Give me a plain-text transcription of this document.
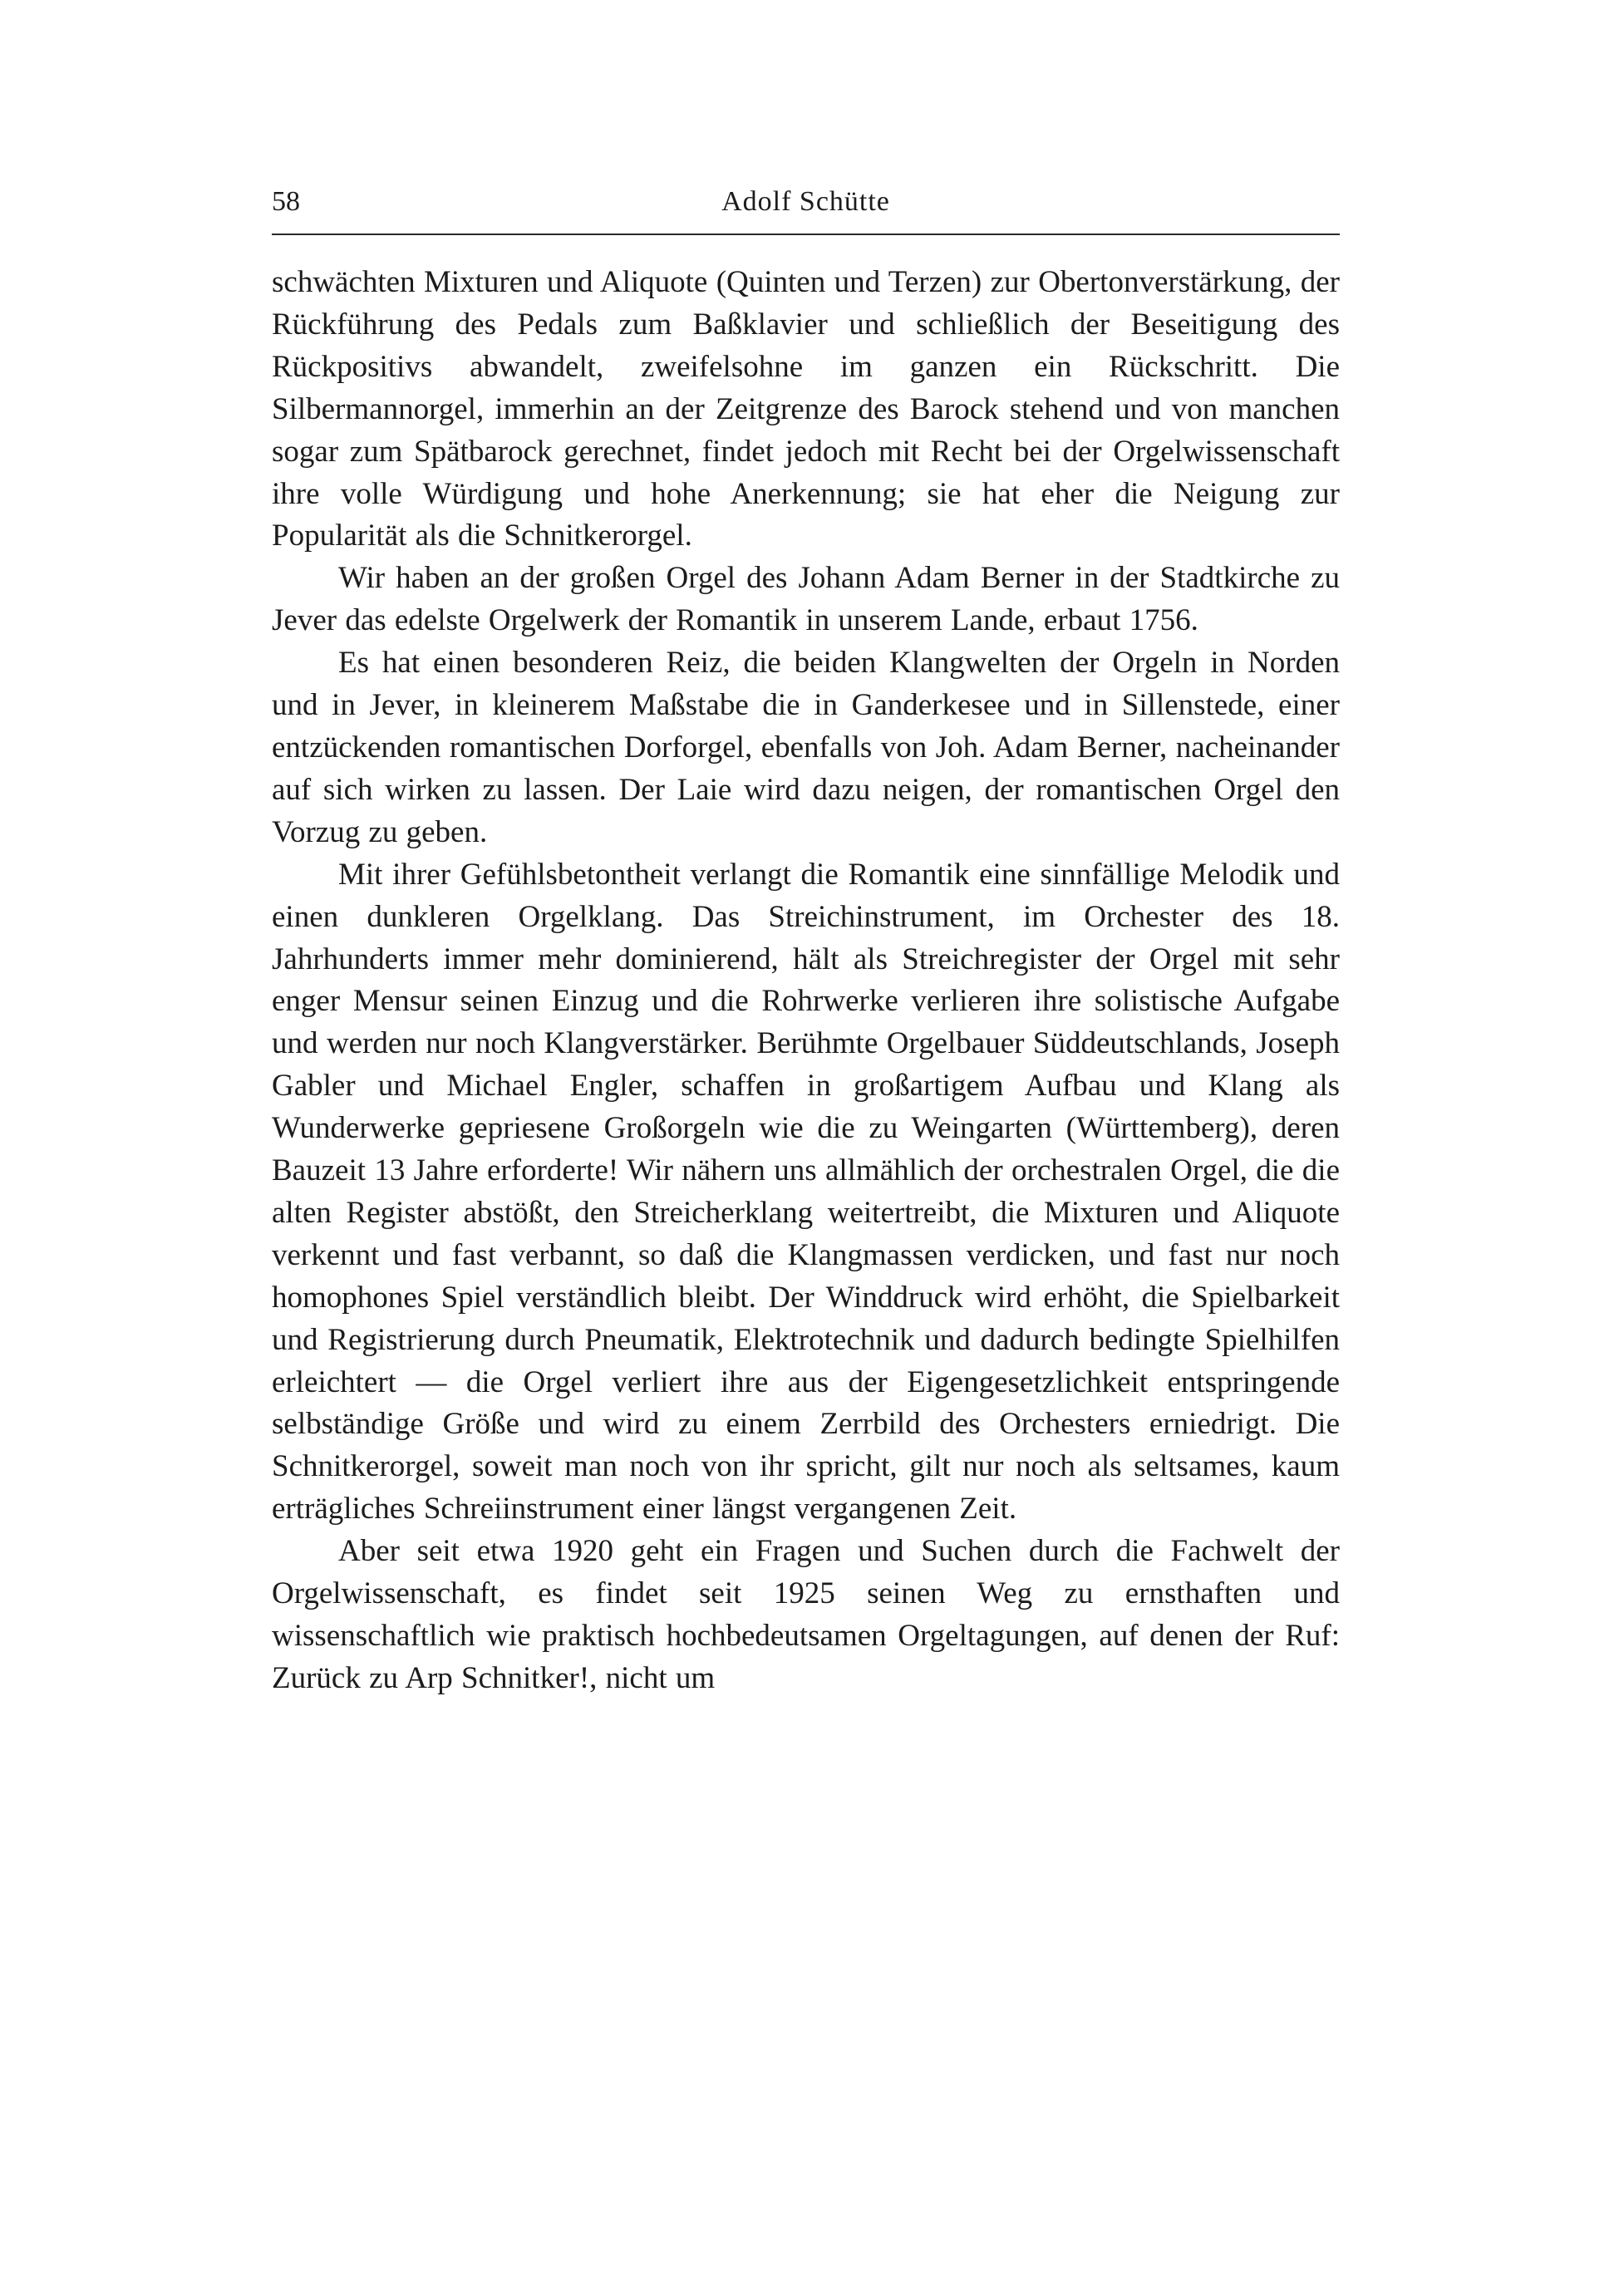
58	Adolf Schütte

schwächten Mixturen und Aliquote (Quinten und Terzen) zur Obertonverstärkung, der Rückführung des Pedals zum Baßklavier und schließlich der Beseitigung des Rückpositivs abwandelt, zweifelsohne im ganzen ein Rückschritt. Die Silbermannorgel, immerhin an der Zeitgrenze des Barock stehend und von manchen sogar zum Spätbarock gerechnet, findet jedoch mit Recht bei der Orgelwissenschaft ihre volle Würdigung und hohe Anerkennung; sie hat eher die Neigung zur Popularität als die Schnitkerorgel.

Wir haben an der großen Orgel des Johann Adam Berner in der Stadtkirche zu Jever das edelste Orgelwerk der Romantik in unserem Lande, erbaut 1756.

Es hat einen besonderen Reiz, die beiden Klangwelten der Orgeln in Norden und in Jever, in kleinerem Maßstabe die in Ganderkesee und in Sillenstede, einer entzückenden romantischen Dorforgel, ebenfalls von Joh. Adam Berner, nacheinander auf sich wirken zu lassen. Der Laie wird dazu neigen, der romantischen Orgel den Vorzug zu geben.

Mit ihrer Gefühlsbetontheit verlangt die Romantik eine sinnfällige Melodik und einen dunkleren Orgelklang. Das Streichinstrument, im Orchester des 18. Jahrhunderts immer mehr dominierend, hält als Streichregister der Orgel mit sehr enger Mensur seinen Einzug und die Rohrwerke verlieren ihre solistische Aufgabe und werden nur noch Klangverstärker. Berühmte Orgelbauer Süddeutschlands, Joseph Gabler und Michael Engler, schaffen in großartigem Aufbau und Klang als Wunderwerke gepriesene Großorgeln wie die zu Weingarten (Württemberg), deren Bauzeit 13 Jahre erforderte! Wir nähern uns allmählich der orchestralen Orgel, die die alten Register abstößt, den Streicherklang weitertreibt, die Mixturen und Aliquote verkennt und fast verbannt, so daß die Klangmassen verdicken, und fast nur noch homophones Spiel verständlich bleibt. Der Winddruck wird erhöht, die Spielbarkeit und Registrierung durch Pneumatik, Elektrotechnik und dadurch bedingte Spielhilfen erleichtert — die Orgel verliert ihre aus der Eigengesetzlichkeit entspringende selbständige Größe und wird zu einem Zerrbild des Orchesters erniedrigt. Die Schnitkerorgel, soweit man noch von ihr spricht, gilt nur noch als seltsames, kaum erträgliches Schreiinstrument einer längst vergangenen Zeit.

Aber seit etwa 1920 geht ein Fragen und Suchen durch die Fachwelt der Orgelwissenschaft, es findet seit 1925 seinen Weg zu ernsthaften und wissenschaftlich wie praktisch hochbedeutsamen Orgeltagungen, auf denen der Ruf: Zurück zu Arp Schnitker!, nicht um
